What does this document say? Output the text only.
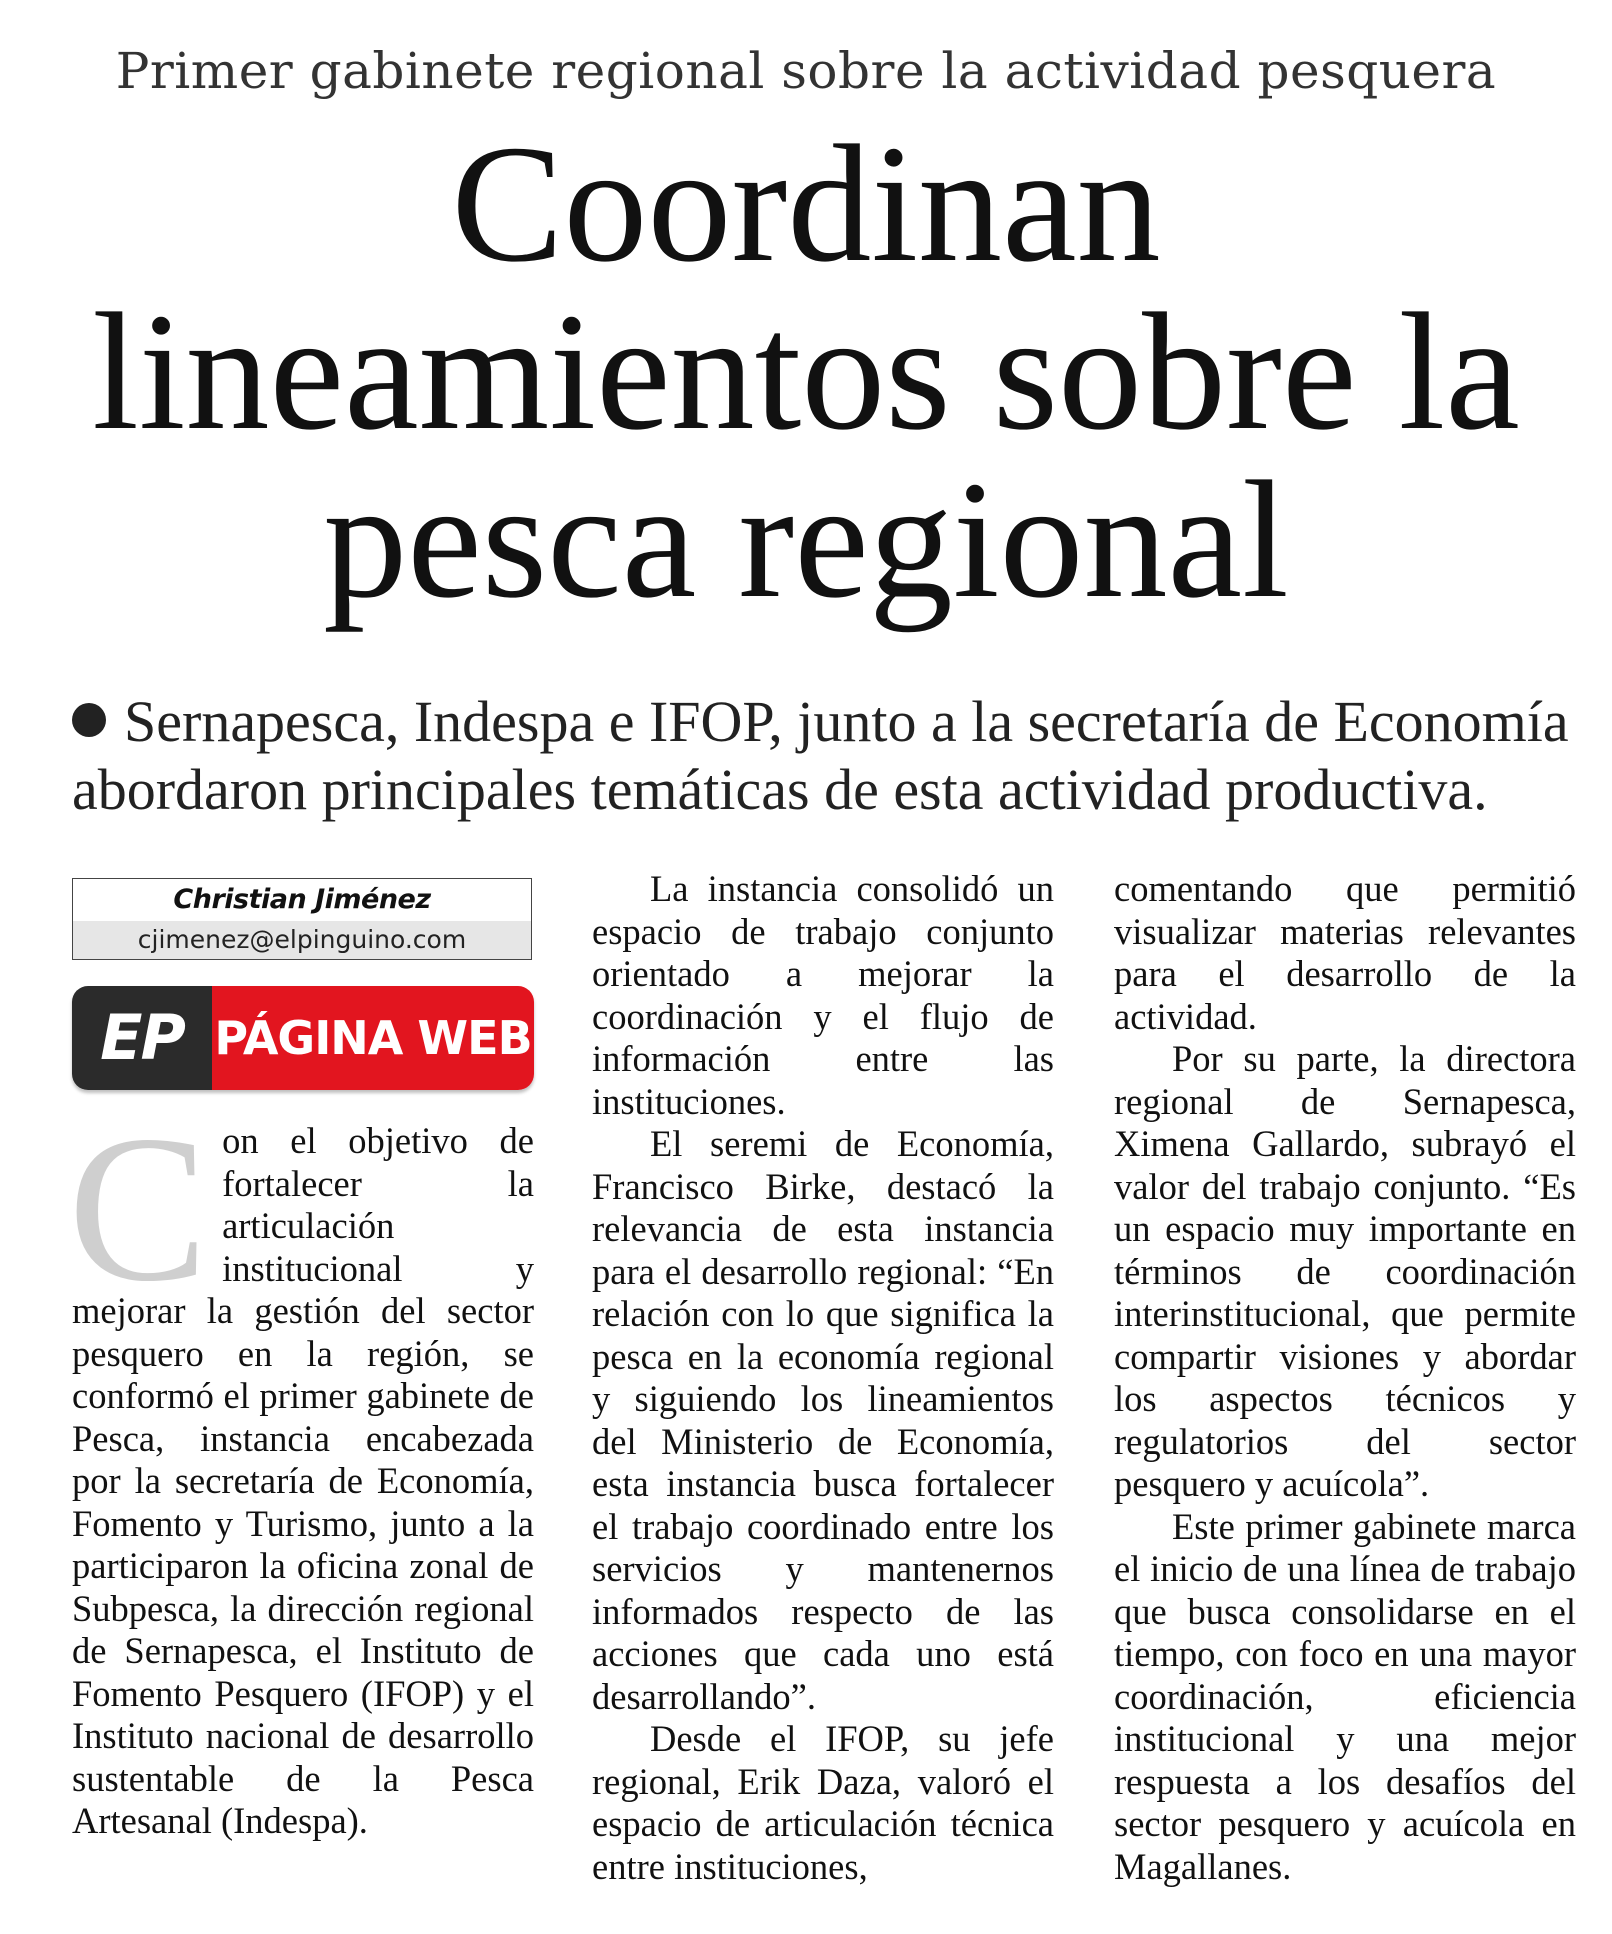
Primer gabinete regional sobre la actividad pesquera
Coordinan
lineamientos sobre la
pesca regional
Sernapesca, Indespa e IFOP, junto a la secretaría de Economía abordaron principales temáticas de esta actividad productiva.
Christian Jiménez
cjimenez@elpinguino.com
EP PÁGINA WEB

Con el objetivo de fortalecer la articulación institucional y mejorar la gestión del sector pesquero en la región, se conformó el primer gabinete de Pesca, instancia encabezada por la secretaría de Economía, Fomento y Turismo, junto a la participaron la oficina zonal de Subpesca, la dirección regional de Sernapesca, el Instituto de Fomento Pesquero (IFOP) y el Instituto nacional de desarrollo sustentable de la Pesca Artesanal (Indespa).

La instancia consolidó un espacio de trabajo conjunto orientado a mejorar la coordinación y el flujo de información entre las instituciones.

El seremi de Economía, Francisco Birke, destacó la relevancia de esta instancia para el desarrollo regional: “En relación con lo que significa la pesca en la economía regional y siguiendo los lineamientos del Ministerio de Economía, esta instancia busca fortalecer el trabajo coordinado entre los servicios y mantenernos informados respecto de las acciones que cada uno está desarrollando”.

Desde el IFOP, su jefe regional, Erik Daza, valoró el espacio de articulación técnica entre instituciones,

comentando que permitió visualizar materias relevantes para el desarrollo de la actividad.

Por su parte, la directora regional de Sernapesca, Ximena Gallardo, subrayó el valor del trabajo conjunto. “Es un espacio muy importante en términos de coordinación interinstitucional, que permite compartir visiones y abordar los aspectos técnicos y regulatorios del sector pesquero y acuícola”.

Este primer gabinete marca el inicio de una línea de trabajo que busca consolidarse en el tiempo, con foco en una mayor coordinación, eficiencia institucional y una mejor respuesta a los desafíos del sector pesquero y acuícola en Magallanes.
